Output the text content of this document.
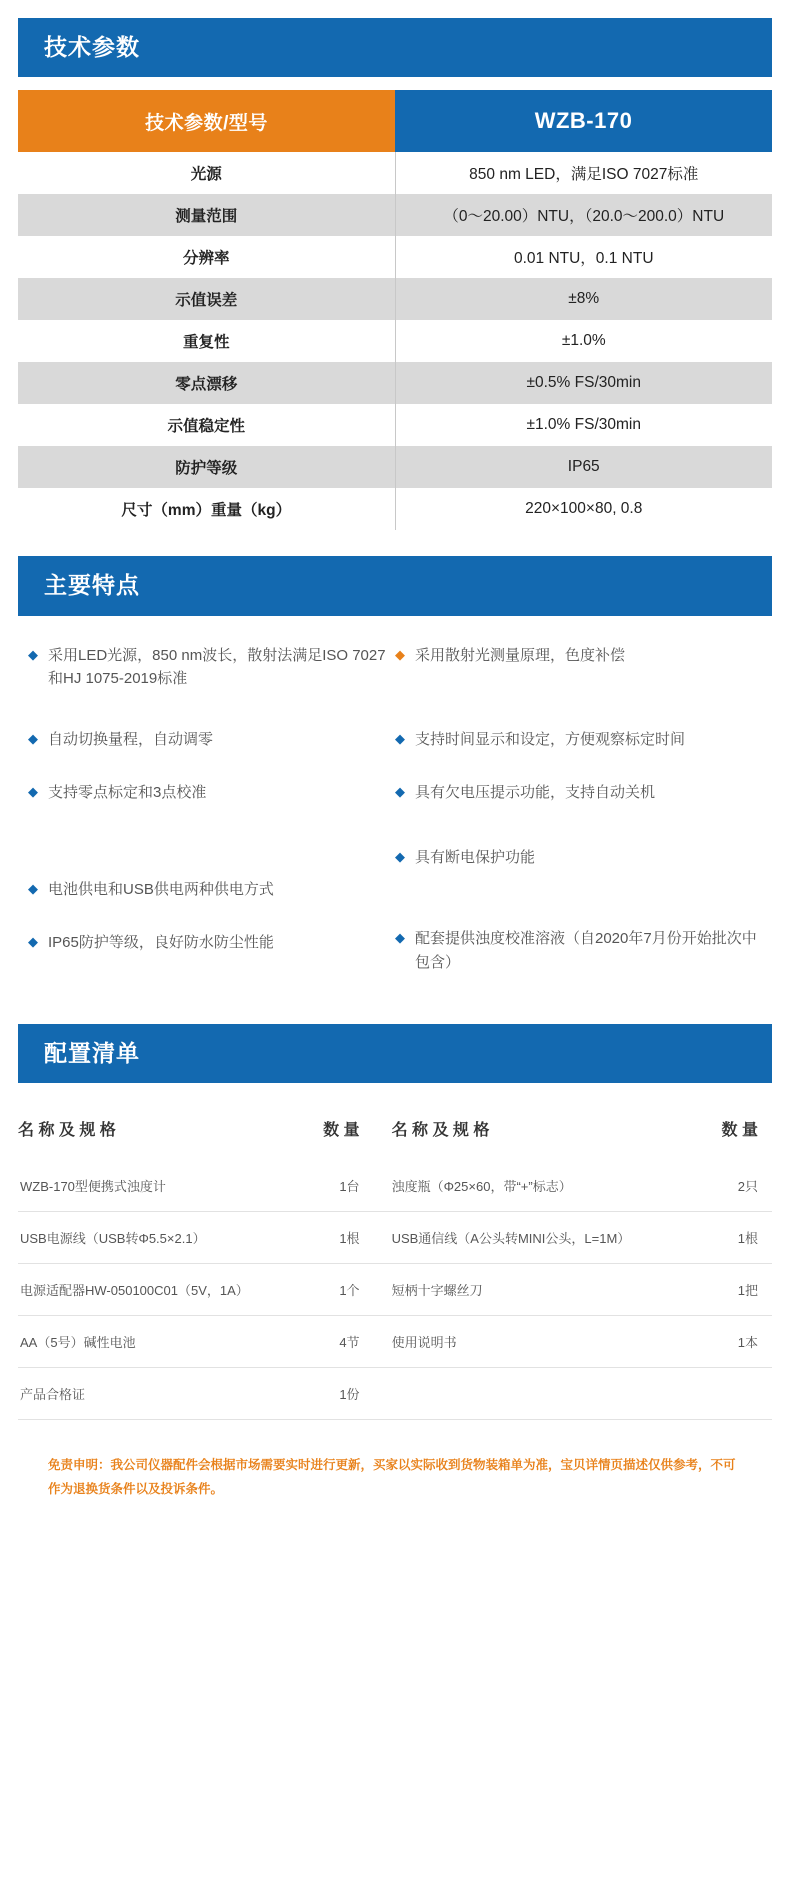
技术参数
技术参数/型号	WZB-170
光源	850 nm LED，满足ISO 7027标准
测量范围	（0～20.00）NTU，（20.0～200.0）NTU
分辨率	0.01 NTU，0.1 NTU
示值误差	±8%
重复性	±1.0%
零点漂移	±0.5% FS/30min
示值稳定性	±1.0% FS/30min
防护等级	IP65
尺寸（mm）重量（kg）	220×100×80, 0.8
主要特点
◆ 采用LED光源，850 nm波长，散射法满足ISO 7027和HJ 1075-2019标准
◆ 自动切换量程，自动调零
◆ 支持零点标定和3点校准
◆ 电池供电和USB供电两种供电方式
◆ IP65防护等级，良好防水防尘性能
◆ 采用散射光测量原理，色度补偿
◆ 支持时间显示和设定，方便观察标定时间
◆ 具有欠电压提示功能，支持自动关机
◆ 具有断电保护功能
◆ 配套提供浊度校准溶液（自2020年7月份开始批次中包含）
配置清单
名 称 及 规 格	数 量	名 称 及 规 格	数 量
WZB-170型便携式浊度计	1台	浊度瓶（Φ25×60，带“+”标志）	2只
USB电源线（USB转Φ5.5×2.1）	1根	USB通信线（A公头转MINI公头，L=1M）	1根
电源适配器HW-050100C01（5V，1A）	1个	短柄十字螺丝刀	1把
AA（5号）碱性电池	4节	使用说明书	1本
产品合格证	1份		
免责申明：我公司仪器配件会根据市场需要实时进行更新，买家以实际收到货物装箱单为准，宝贝详情页描述仅供参考，不可作为退换货条件以及投诉条件。
